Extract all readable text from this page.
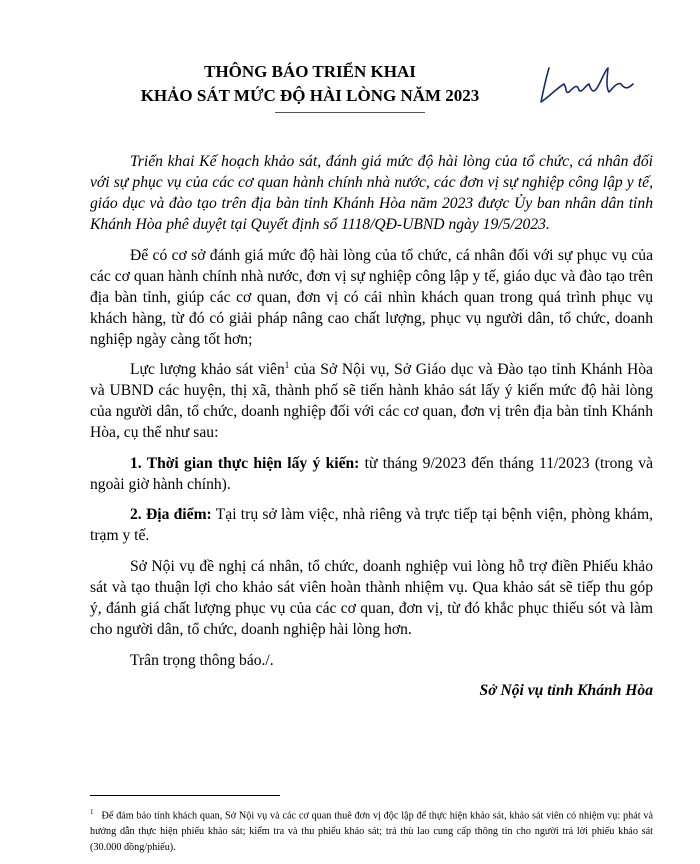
THÔNG BÁO TRIỂN KHAI
KHẢO SÁT MỨC ĐỘ HÀI LÒNG NĂM 2023

Triển khai Kế hoạch khảo sát, đánh giá mức độ hài lòng của tổ chức, cá nhân đối với sự phục vụ của các cơ quan hành chính nhà nước, các đơn vị sự nghiệp công lập y tế, giáo dục và đào tạo trên địa bàn tỉnh Khánh Hòa năm 2023 được Ủy ban nhân dân tỉnh Khánh Hòa phê duyệt tại Quyết định số 1118/QĐ-UBND ngày 19/5/2023.

Để có cơ sở đánh giá mức độ hài lòng của tổ chức, cá nhân đối với sự phục vụ của các cơ quan hành chính nhà nước, đơn vị sự nghiệp công lập y tế, giáo dục và đào tạo trên địa bàn tỉnh, giúp các cơ quan, đơn vị có cái nhìn khách quan trong quá trình phục vụ khách hàng, từ đó có giải pháp nâng cao chất lượng, phục vụ người dân, tổ chức, doanh nghiệp ngày càng tốt hơn;

Lực lượng khảo sát viên$^1$ của Sở Nội vụ, Sở Giáo dục và Đào tạo tỉnh Khánh Hòa và UBND các huyện, thị xã, thành phố sẽ tiến hành khảo sát lấy ý kiến mức độ hài lòng của người dân, tổ chức, doanh nghiệp đối với các cơ quan, đơn vị trên địa bàn tỉnh Khánh Hòa, cụ thể như sau:

1. Thời gian thực hiện lấy ý kiến: từ tháng 9/2023 đến tháng 11/2023 (trong và ngoài giờ hành chính).

2. Địa điểm: Tại trụ sở làm việc, nhà riêng và trực tiếp tại bệnh viện, phòng khám, trạm y tế.

Sở Nội vụ đề nghị cá nhân, tổ chức, doanh nghiệp vui lòng hỗ trợ điền Phiếu khảo sát và tạo thuận lợi cho khảo sát viên hoàn thành nhiệm vụ. Qua khảo sát sẽ tiếp thu góp ý, đánh giá chất lượng phục vụ của các cơ quan, đơn vị, từ đó khắc phục thiếu sót và làm cho người dân, tổ chức, doanh nghiệp hài lòng hơn.

Trân trọng thông báo./.

Sở Nội vụ tỉnh Khánh Hòa

$^1$ Để đảm bảo tính khách quan, Sở Nội vụ và các cơ quan thuê đơn vị độc lập để thực hiện khảo sát, khảo sát viên có nhiệm vụ: phát và hướng dẫn thực hiện phiếu khảo sát; kiểm tra và thu phiếu khảo sát; trả thù lao cung cấp thông tin cho người trả lời phiếu khảo sát (30.000 đồng/phiếu).
